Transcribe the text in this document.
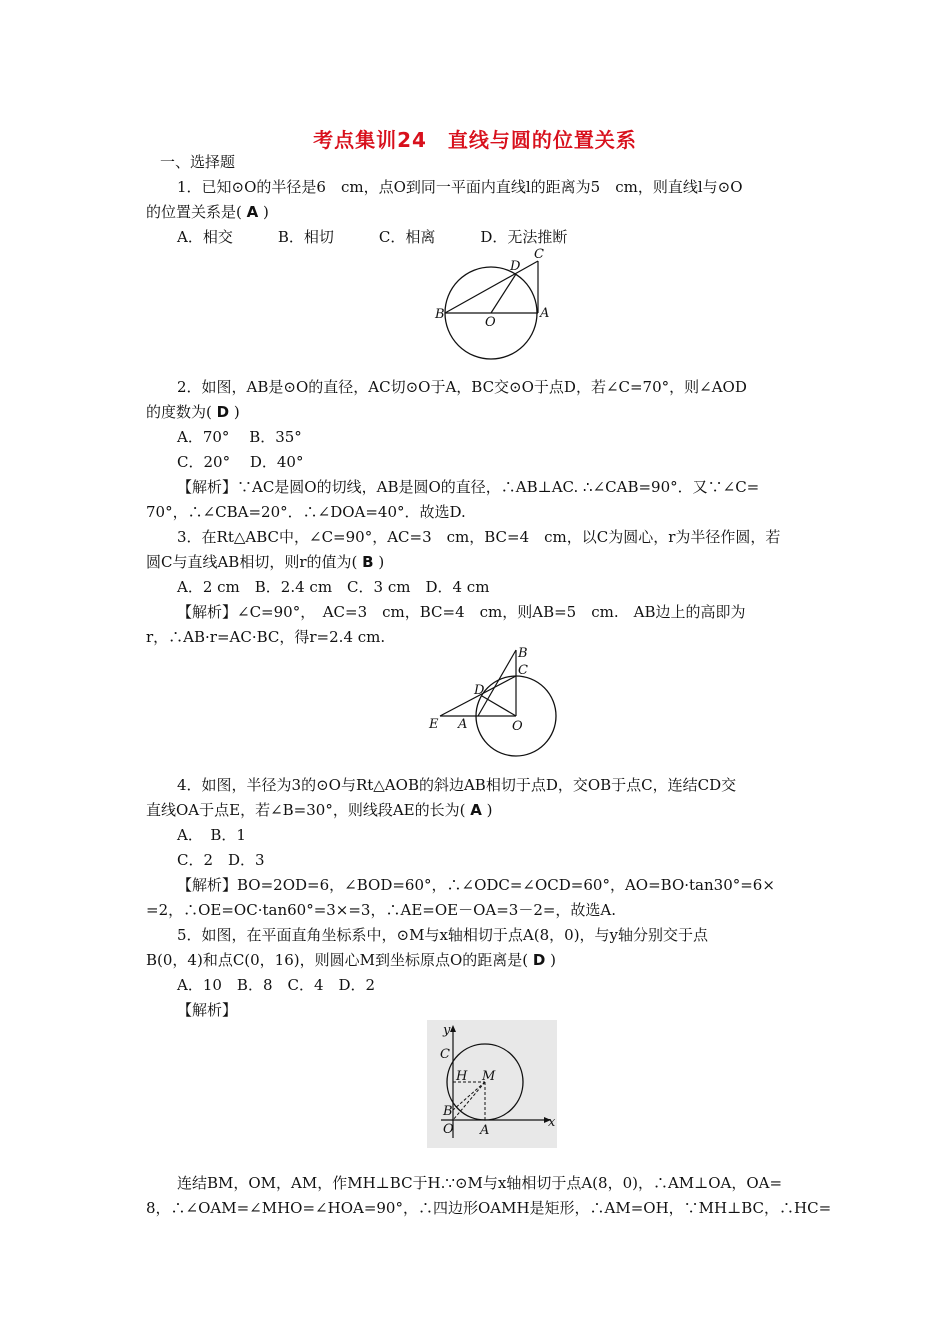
考点集训24　直线与圆的位置关系
一、选择题
1．已知⊙O的半径是6　cm，点O到同一平面内直线l的距离为5　cm，则直线l与⊙O
的位置关系是( A )
A．相交　　　B．相切　　　C．相离　　　D．无法推断
D
C
B
O
A
2．如图，AB是⊙O的直径，AC切⊙O于A，BC交⊙O于点D，若∠C=70°，则∠AOD
的度数为( D )
A．70°　 B．35°
C．20°　 D．40°
【解析】∵AC是圆O的切线，AB是圆O的直径，∴AB⊥AC. ∴∠CAB=90°．又∵∠C=
70°，∴∠CBA=20°．∴∠DOA=40°．故选D.
3．在Rt△ABC中，∠C=90°，AC=3　cm，BC=4　cm，以C为圆心，r为半径作圆，若
圆C与直线AB相切，则r的值为( B )
A．2 cm　B．2.4 cm　C．3 cm　D．4 cm
【解析】∠C=90°，　AC=3　cm，BC=4　cm，则AB=5　cm.　AB边上的高即为
r，∴AB·r=AC·BC，得r=2.4 cm.
B
C
D
E A	O
4．如图，半径为3的⊙O与Rt△AOB的斜边AB相切于点D，交OB于点C，连结CD交
直线OA于点E，若∠B=30°，则线段AE的长为( A )
A．　B．1
C．2　D．3
【解析】BO=2OD=6，∠BOD=60°，∴∠ODC=∠OCD=60°，AO=BO·tan30°=6×
=2，∴OE=OC·tan60°=3×=3，∴AE=OE－OA=3－2=，故选A.
5．如图，在平面直角坐标系中，⊙M与x轴相切于点A(8，0)，与y轴分别交于点
B(0，4)和点C(0，16)，则圆心M到坐标原点O的距离是( D )
A．10　B．8　C．4　D．2
【解析】
y
C
H M
B
O A
x
连结BM，OM，AM，作MH⊥BC于H.∵⊙M与x轴相切于点A(8，0)，∴AM⊥OA，OA=
8，∴∠OAM=∠MHO=∠HOA=90°，∴四边形OAMH是矩形，∴AM=OH，∵MH⊥BC，∴HC=
